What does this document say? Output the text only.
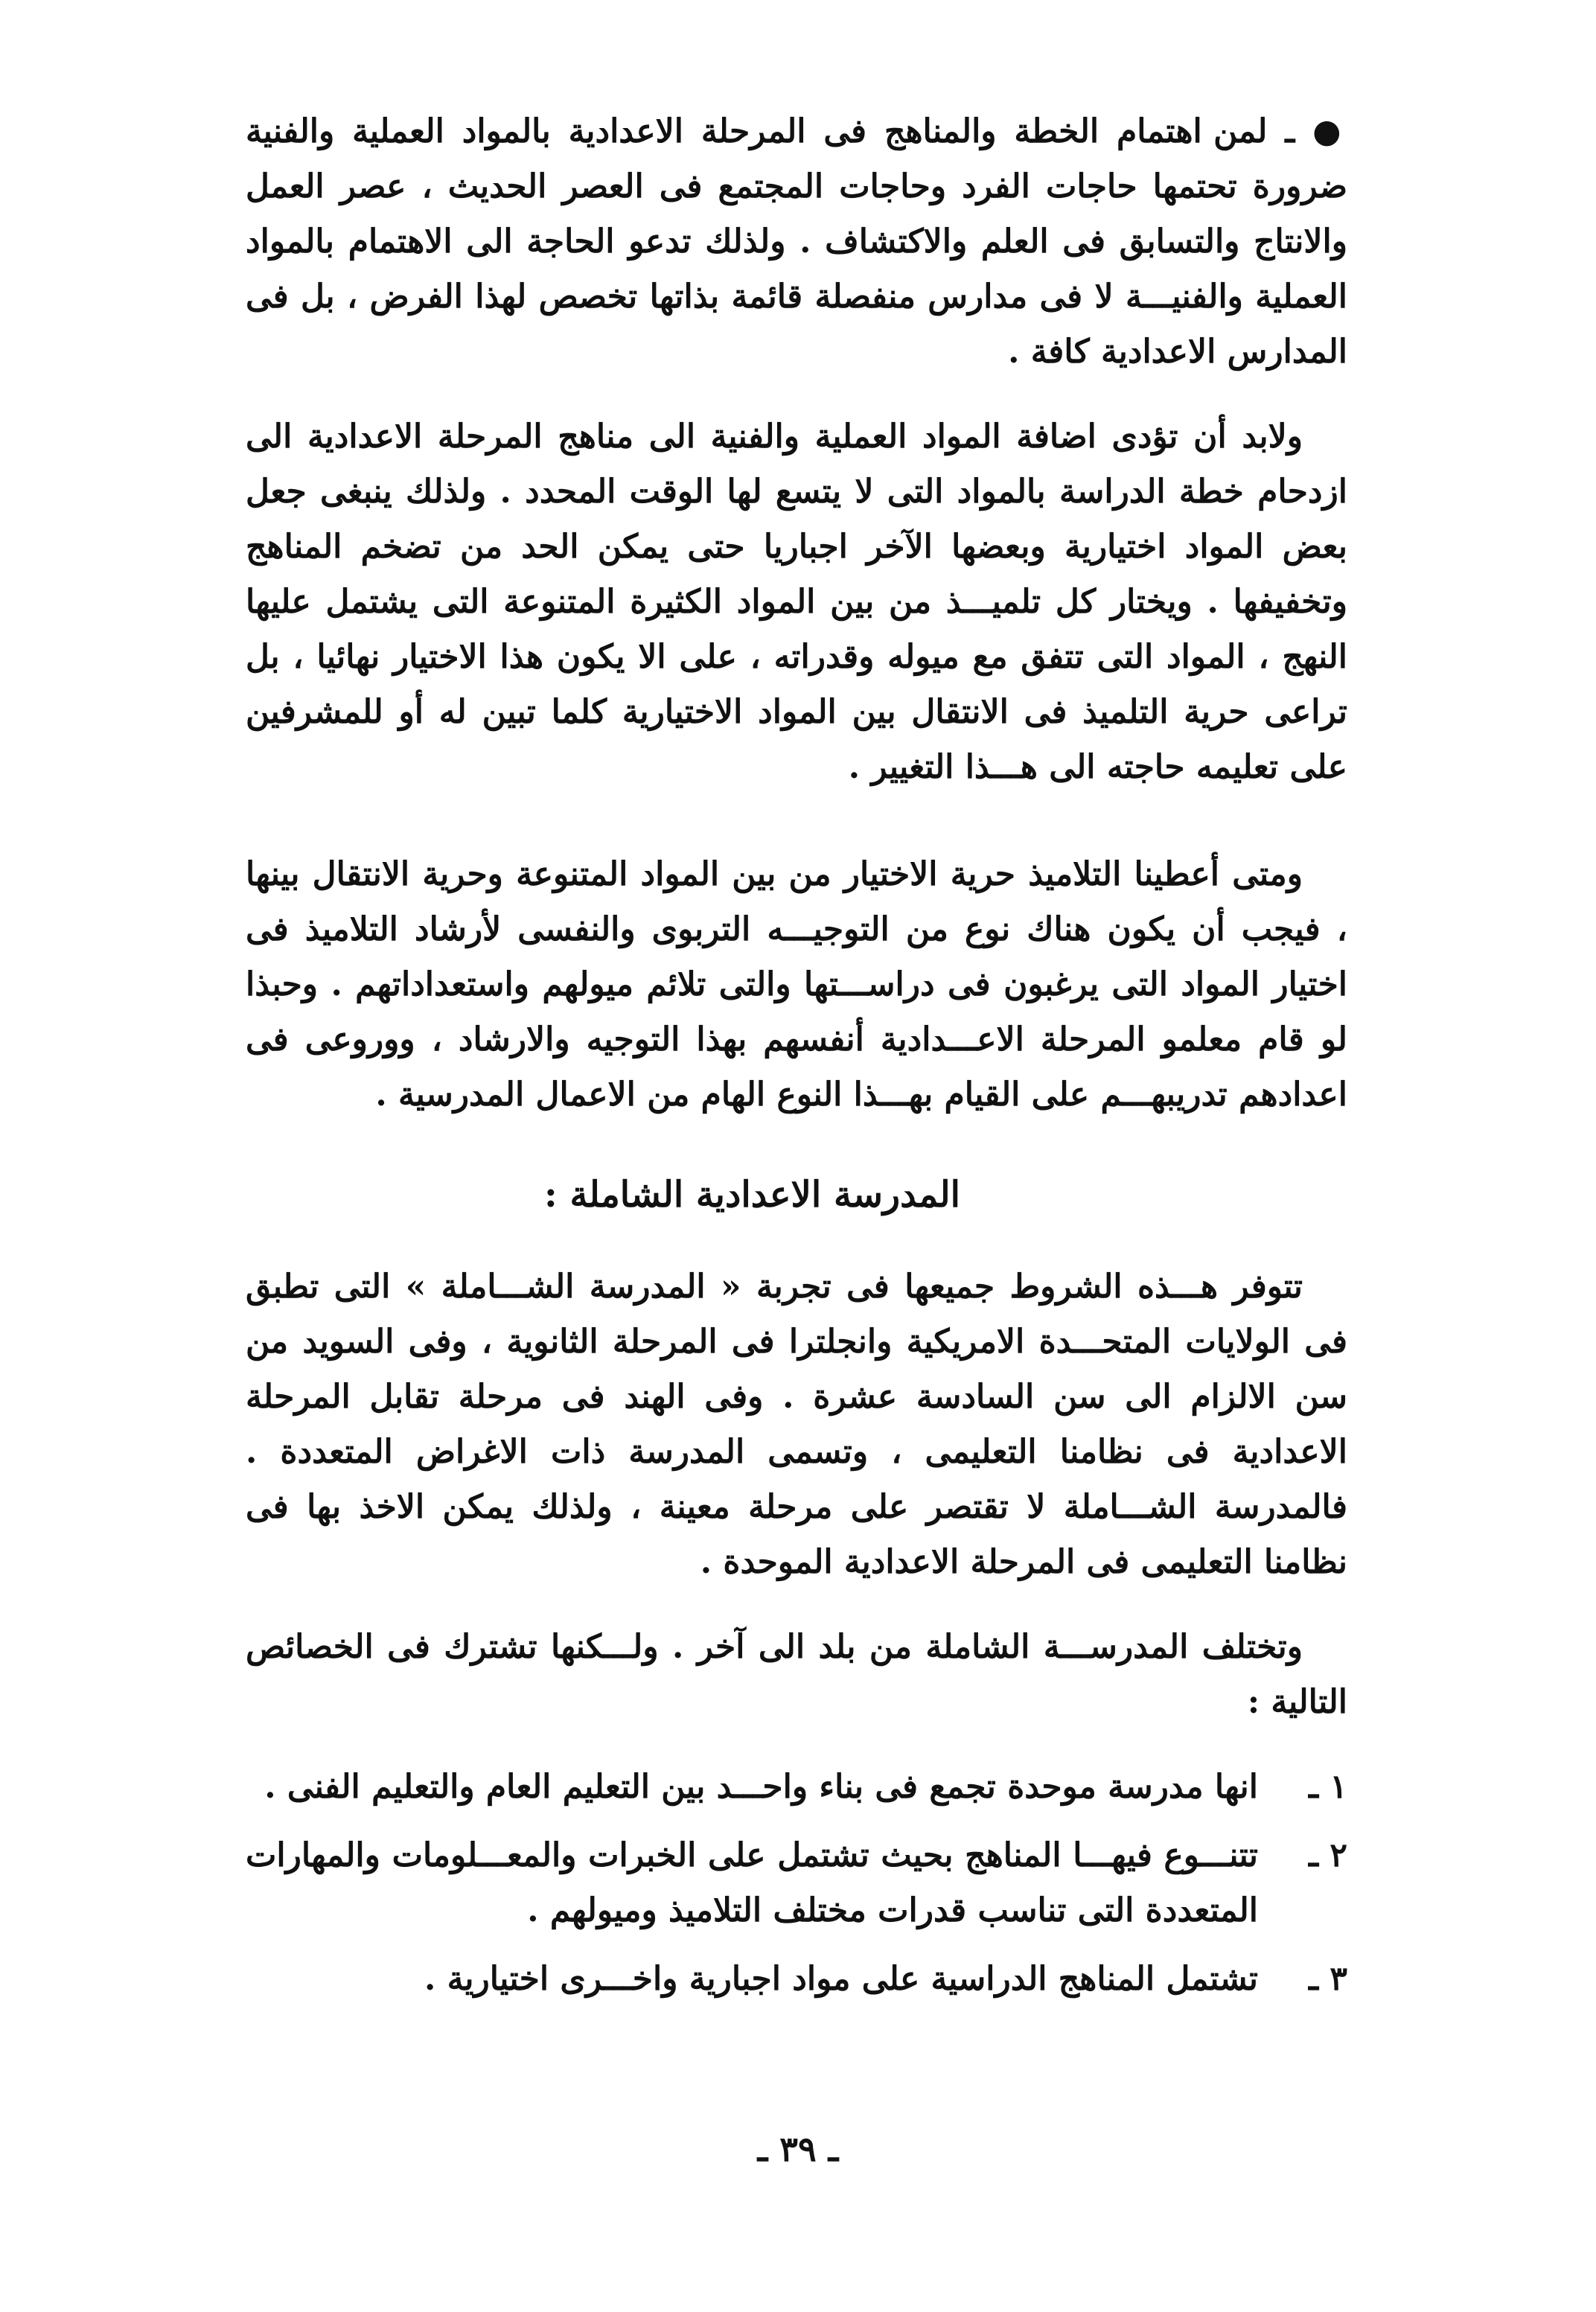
● ـ لمن اهتمام الخطة والمناهج فى المرحلة الاعدادية بالمواد العملية والفنية ضرورة تحتمها حاجات الفرد وحاجات المجتمع فى العصر الحديث ، عصر العمل والانتاج والتسابق فى العلم والاكتشاف . ولذلك تدعو الحاجة الى الاهتمام بالمواد العملية والفنيـــة لا فى مدارس منفصلة قائمة بذاتها تخصص لهذا الفرض ، بل فى المدارس الاعدادية كافة .

ولابد أن تؤدى اضافة المواد العملية والفنية الى مناهج المرحلة الاعدادية الى ازدحام خطة الدراسة بالمواد التى لا يتسع لها الوقت المحدد . ولذلك ينبغى جعل بعض المواد اختيارية وبعضها الآخر اجباريا حتى يمكن الحد من تضخم المناهج وتخفيفها . ويختار كل تلميـــذ من بين المواد الكثيرة المتنوعة التى يشتمل عليها النهج ، المواد التى تتفق مع ميوله وقدراته ، على الا يكون هذا الاختيار نهائيا ، بل تراعى حرية التلميذ فى الانتقال بين المواد الاختيارية كلما تبين له أو للمشرفين على تعليمه حاجته الى هـــذا التغيير .

ومتى أعطينا التلاميذ حرية الاختيار من بين المواد المتنوعة وحرية الانتقال بينها ، فيجب أن يكون هناك نوع من التوجيـــه التربوى والنفسى لأرشاد التلاميذ فى اختيار المواد التى يرغبون فى دراســـتها والتى تلائم ميولهم واستعداداتهم . وحبذا لو قام معلمو المرحلة الاعـــدادية أنفسهم بهذا التوجيه والارشاد ، ووروعى فى اعدادهم تدريبهـــم على القيام بهـــذا النوع الهام من الاعمال المدرسية .

المدرسة الاعدادية الشاملة :

تتوفر هـــذه الشروط جميعها فى تجربة « المدرسة الشـــاملة » التى تطبق فى الولايات المتحـــدة الامريكية وانجلترا فى المرحلة الثانوية ، وفى السويد من سن الالزام الى سن السادسة عشرة . وفى الهند فى مرحلة تقابل المرحلة الاعدادية فى نظامنا التعليمى ، وتسمى المدرسة ذات الاغراض المتعددة . فالمدرسة الشـــاملة لا تقتصر على مرحلة معينة ، ولذلك يمكن الاخذ بها فى نظامنا التعليمى فى المرحلة الاعدادية الموحدة .

وتختلف المدرســـة الشاملة من بلد الى آخر . ولـــكنها تشترك فى الخصائص التالية :

١ ـ
انها مدرسة موحدة تجمع فى بناء واحـــد بين التعليم العام والتعليم الفنى .
٢ ـ
تتنـــوع فيهـــا المناهج بحيث تشتمل على الخبرات والمعـــلومات والمهارات المتعددة التى تناسب قدرات مختلف التلاميذ وميولهم .
٣ ـ
تشتمل المناهج الدراسية على مواد اجبارية واخـــرى اختيارية .
ـ ٣٩ ـ
